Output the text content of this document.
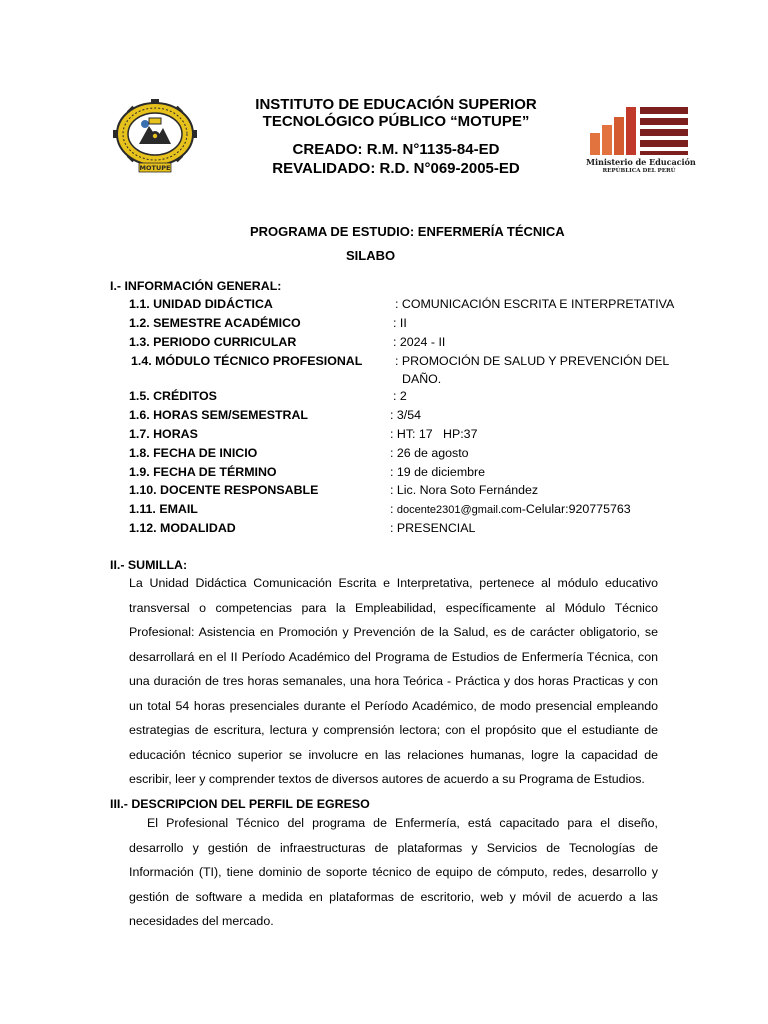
MOTUPE
INSTITUTO DE EDUCACIÓN SUPERIOR
TECNOLÓGICO PÚBLICO “MOTUPE”
CREADO: R.M. N°1135-84-ED
REVALIDADO: R.D. N°069-2005-ED	Ministerio de Educación
REPÚBLICA DEL PERÚ
PROGRAMA DE ESTUDIO: ENFERMERÍA TÉCNICA
SILABO
I.- INFORMACIÓN GENERAL:
1.1. UNIDAD DIDÁCTICA	: COMUNICACIÓN ESCRITA E INTERPRETATIVA
1.2. SEMESTRE ACADÉMICO	: II
1.3. PERIODO CURRICULAR	: 2024 - II
1.4. MÓDULO TÉCNICO PROFESIONAL	: PROMOCIÓN DE SALUD Y PREVENCIÓN DEL
DAÑO.
1.5. CRÉDITOS	: 2
1.6. HORAS SEM/SEMESTRAL	: 3/54
1.7. HORAS	: HT: 17   HP:37
1.8. FECHA DE INICIO	: 26 de agosto
1.9. FECHA DE TÉRMINO	: 19 de diciembre
1.10. DOCENTE RESPONSABLE	: Lic. Nora Soto Fernández
1.11. EMAIL	: docente2301@gmail.com-Celular:920775763
1.12. MODALIDAD	: PRESENCIAL
II.- SUMILLA:
La Unidad Didáctica Comunicación Escrita e Interpretativa, pertenece al módulo educativo transversal o competencias para la Empleabilidad, específicamente al Módulo Técnico Profesional: Asistencia en Promoción y Prevención de la Salud, es de carácter obligatorio, se desarrollará en el II Período Académico del Programa de Estudios de Enfermería Técnica, con una duración de tres horas semanales, una hora Teórica - Práctica y dos horas Practicas y con un total 54 horas presenciales durante el Período Académico, de modo presencial empleando estrategias de escritura, lectura y comprensión lectora; con el propósito que el estudiante de educación técnico superior se involucre en las relaciones humanas, logre la capacidad de escribir, leer y comprender textos de diversos autores de acuerdo a su Programa de Estudios.
III.- DESCRIPCION DEL PERFIL DE EGRESO
El Profesional Técnico del programa de Enfermería, está capacitado para el diseño, desarrollo y gestión de infraestructuras de plataformas y Servicios de Tecnologías de Información (TI), tiene dominio de soporte técnico de equipo de cómputo, redes, desarrollo y gestión de software a medida en plataformas de escritorio, web y móvil de acuerdo a las necesidades del mercado.
